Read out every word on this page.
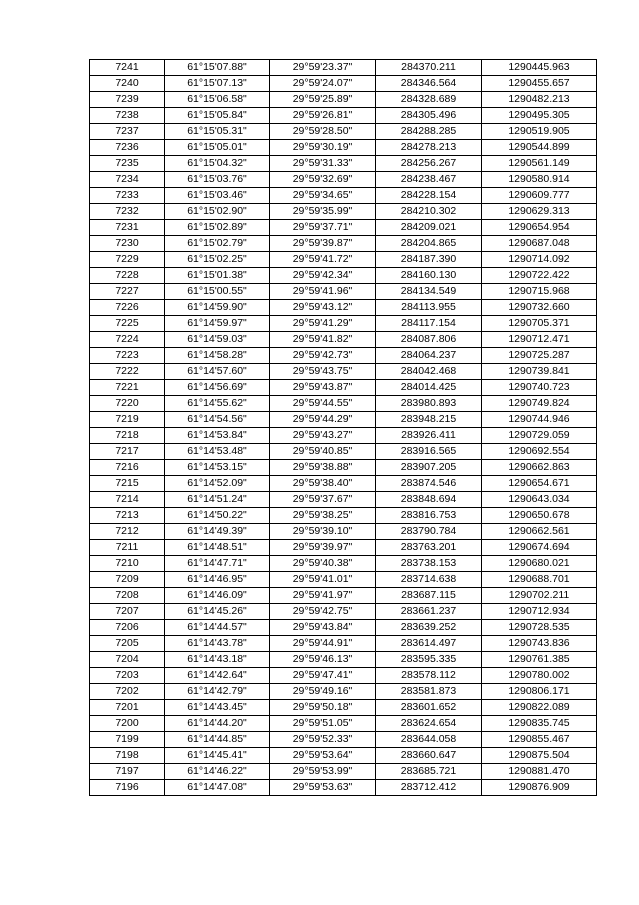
7241	61°15'07.88"	29°59'23.37"	284370.211	1290445.963
7240	61°15'07.13"	29°59'24.07"	284346.564	1290455.657
7239	61°15'06.58"	29°59'25.89"	284328.689	1290482.213
7238	61°15'05.84"	29°59'26.81"	284305.496	1290495.305
7237	61°15'05.31"	29°59'28.50"	284288.285	1290519.905
7236	61°15'05.01"	29°59'30.19"	284278.213	1290544.899
7235	61°15'04.32"	29°59'31.33"	284256.267	1290561.149
7234	61°15'03.76"	29°59'32.69"	284238.467	1290580.914
7233	61°15'03.46"	29°59'34.65"	284228.154	1290609.777
7232	61°15'02.90"	29°59'35.99"	284210.302	1290629.313
7231	61°15'02.89"	29°59'37.71"	284209.021	1290654.954
7230	61°15'02.79"	29°59'39.87"	284204.865	1290687.048
7229	61°15'02.25"	29°59'41.72"	284187.390	1290714.092
7228	61°15'01.38"	29°59'42.34"	284160.130	1290722.422
7227	61°15'00.55"	29°59'41.96"	284134.549	1290715.968
7226	61°14'59.90"	29°59'43.12"	284113.955	1290732.660
7225	61°14'59.97"	29°59'41.29"	284117.154	1290705.371
7224	61°14'59.03"	29°59'41.82"	284087.806	1290712.471
7223	61°14'58.28"	29°59'42.73"	284064.237	1290725.287
7222	61°14'57.60"	29°59'43.75"	284042.468	1290739.841
7221	61°14'56.69"	29°59'43.87"	284014.425	1290740.723
7220	61°14'55.62"	29°59'44.55"	283980.893	1290749.824
7219	61°14'54.56"	29°59'44.29"	283948.215	1290744.946
7218	61°14'53.84"	29°59'43.27"	283926.411	1290729.059
7217	61°14'53.48"	29°59'40.85"	283916.565	1290692.554
7216	61°14'53.15"	29°59'38.88"	283907.205	1290662.863
7215	61°14'52.09"	29°59'38.40"	283874.546	1290654.671
7214	61°14'51.24"	29°59'37.67"	283848.694	1290643.034
7213	61°14'50.22"	29°59'38.25"	283816.753	1290650.678
7212	61°14'49.39"	29°59'39.10"	283790.784	1290662.561
7211	61°14'48.51"	29°59'39.97"	283763.201	1290674.694
7210	61°14'47.71"	29°59'40.38"	283738.153	1290680.021
7209	61°14'46.95"	29°59'41.01"	283714.638	1290688.701
7208	61°14'46.09"	29°59'41.97"	283687.115	1290702.211
7207	61°14'45.26"	29°59'42.75"	283661.237	1290712.934
7206	61°14'44.57"	29°59'43.84"	283639.252	1290728.535
7205	61°14'43.78"	29°59'44.91"	283614.497	1290743.836
7204	61°14'43.18"	29°59'46.13"	283595.335	1290761.385
7203	61°14'42.64"	29°59'47.41"	283578.112	1290780.002
7202	61°14'42.79"	29°59'49.16"	283581.873	1290806.171
7201	61°14'43.45"	29°59'50.18"	283601.652	1290822.089
7200	61°14'44.20"	29°59'51.05"	283624.654	1290835.745
7199	61°14'44.85"	29°59'52.33"	283644.058	1290855.467
7198	61°14'45.41"	29°59'53.64"	283660.647	1290875.504
7197	61°14'46.22"	29°59'53.99"	283685.721	1290881.470
7196	61°14'47.08"	29°59'53.63"	283712.412	1290876.909
